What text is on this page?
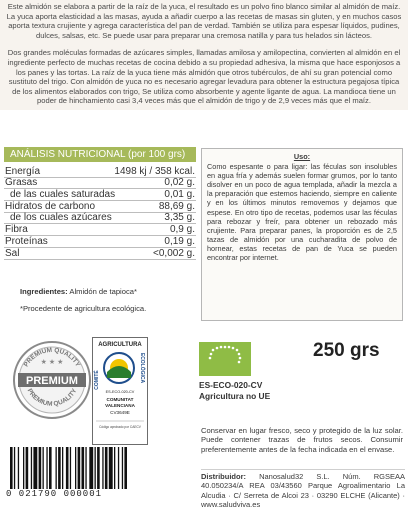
Este almidón se elabora a partir de la raíz de la yuca, el resultado es un polvo fino blanco similar al almidón de maíz. La yuca aporta elasticidad a las masas, ayuda a añadir cuerpo a las recetas de masas sin gluten, y en muchos casos aporta textura crujiente y agrega característica del pan de verdad. También se utiliza para espesar líquidos, pudines, dulces, salsas, etc. Se puede usar para preparar una cremosa natilla y para tus helados sin lácteos.

Dos grandes moléculas formadas de azúcares simples, llamadas amilosa y amilopectina, convierten al almidón en el ingrediente perfecto de muchas recetas de cocina debido a su propiedad adhesiva, la misma que hace esponjosos a los panes y las tortas. La raíz de la yuca tiene más almidón que otros tubérculos, de ahí su gran potencial como sustituto del trigo. Con almidón de yuca no es necesario agregar levadura para obtener la estructura pegajosa típica de los alimentos elaborados con trigo, Se utiliza como absorbente y agente ligante de agua. La mandioca tiene un poder de hinchamiento casi 3,4 veces más que el almidón de trigo y de 2,9 veces más que el maíz.

ANÁLISIS NUTRICIONAL (por 100 grs)
Energía	1498 kj / 358 kcal.
Grasas	0,02 g.
de las cuales saturadas	0,01 g.
Hidratos de carbono	88,69 g.
de los cuales azúcares	3,35 g.
Fibra	0,9 g.
Proteínas	0,19 g.
Sal	<0,002 g.
Ingredientes: Almidón de tapioca*
*Procedente de agricultura ecológica.
Uso:
Como espesante o para ligar: las féculas son insolubles en agua fría y además suelen formar grumos, por lo tanto disolver en un poco de agua templada, añadir la mezcla a la preparación que estemos haciendo, siempre en caliente y en los últimos minutos removemos y dejamos que espese. En otro tipo de recetas, podemos usar las féculas para rebozar y freír, para obtener un rebozado más crujiente. Para preparar panes, la proporción es de 2,5 tazas de almidón por una cucharadita de polvo de hornear, estas recetas de pan de Yuca se pueden encontrar por internet.
PREMIUM QUALITY
PREMIUM
PREMIUM QUALITY
★ ★ ★
AGRICULTURA
ECOLÓGICA
COMITÉ
ES-ECO-020-CV
COMUNITAT
VALENCIANA
CV3649E
Código aprobado por CAECV
ES-ECO-020-CV
Agricultura no UE
250 grs
Conservar en lugar fresco, seco y protegido de la luz solar. Puede contener trazas de frutos secos. Consumir preferentemente antes de la fecha indicada en el envase.
Distribuidor: Nanosalud32 S.L. Núm. RGSEAA 40.050234/A REA 03/43560 Parque Agroalimentario La Alcudia · C/ Serreta de Alcoi 23 · 03290 ELCHE (Alicante) · www.saludviva.es
0 021790 000001
